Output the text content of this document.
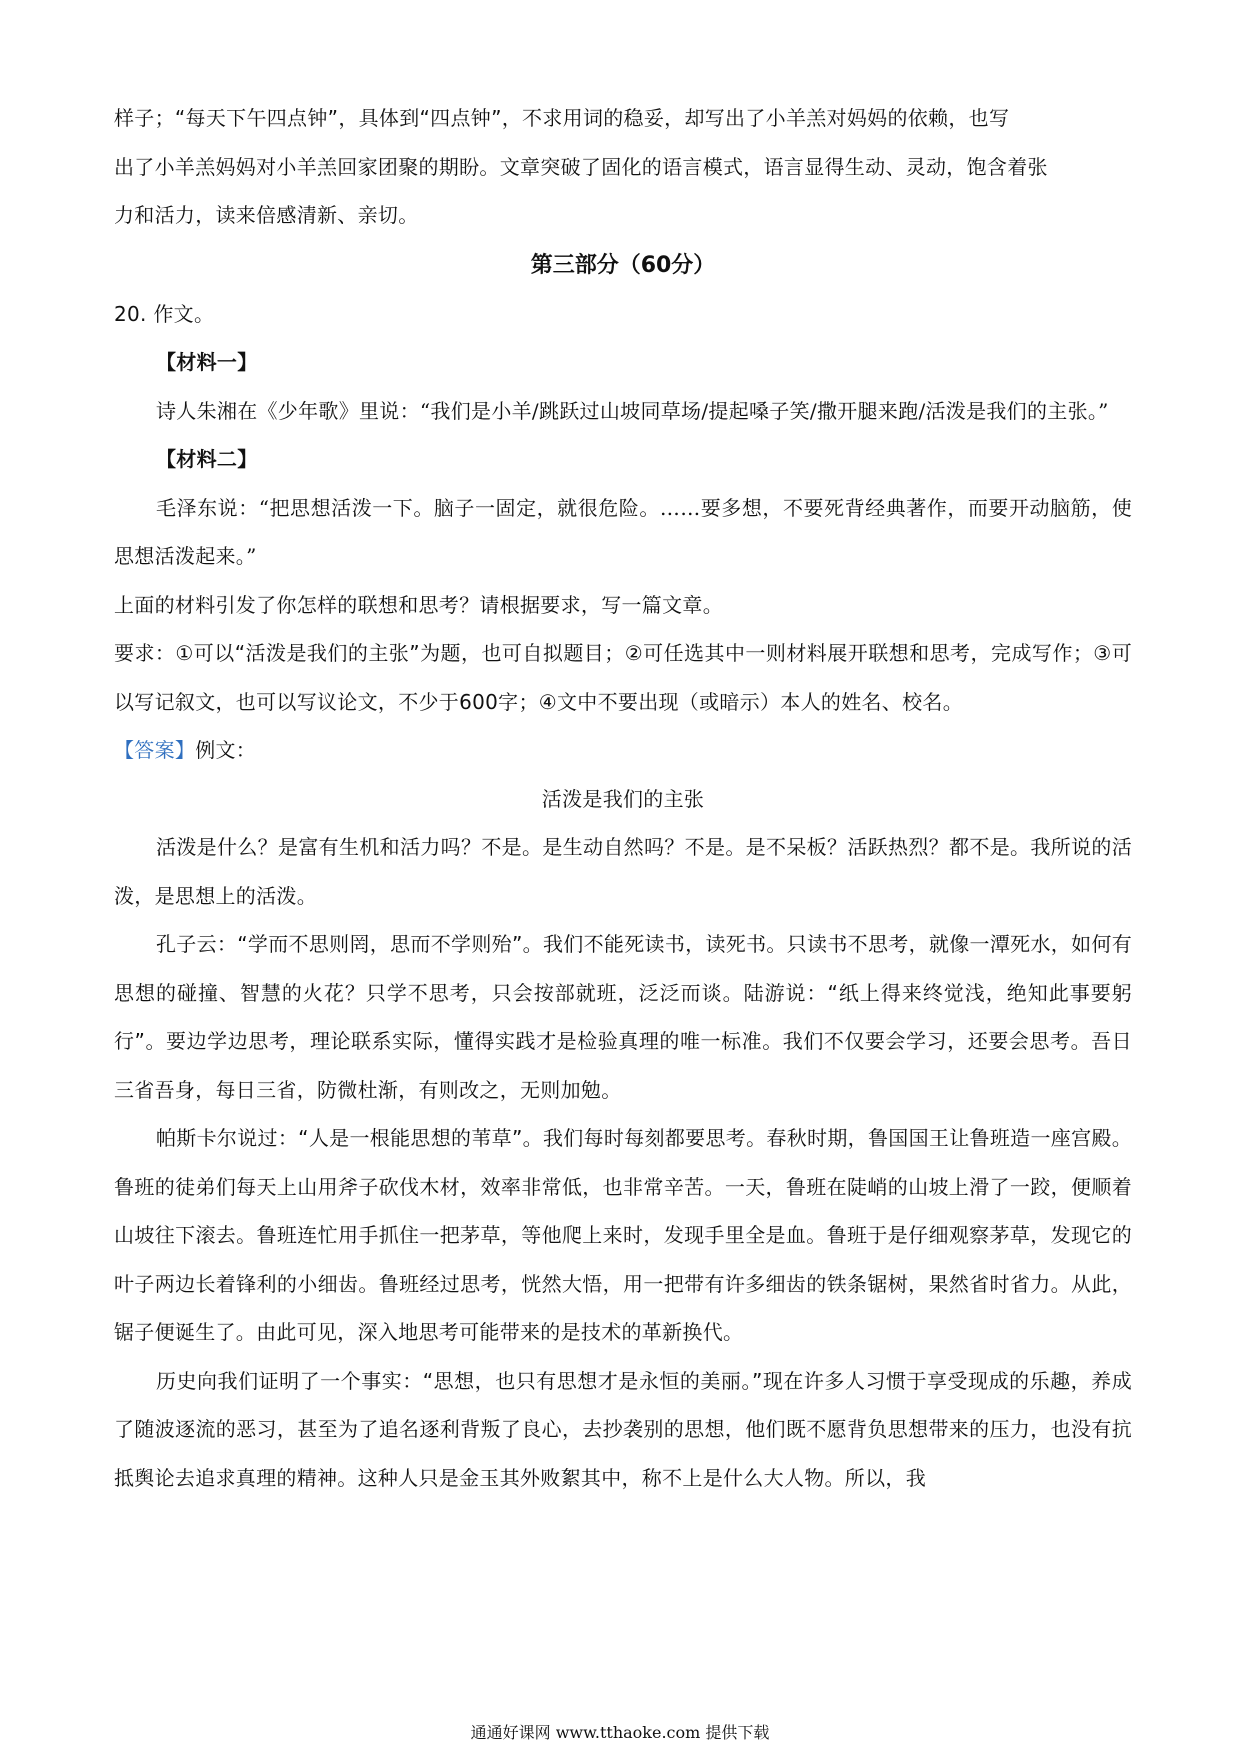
样子；“每天下午四点钟”，具体到“四点钟”，不求用词的稳妥，却写出了小羊羔对妈妈的依赖，也写
出了小羊羔妈妈对小羊羔回家团聚的期盼。文章突破了固化的语言模式，语言显得生动、灵动，饱含着张
力和活力，读来倍感清新、亲切。

第三部分（60分）

20. 作文。

【材料一】

诗人朱湘在《少年歌》里说：“我们是小羊/跳跃过山坡同草场/提起嗓子笑/撒开腿来跑/活泼是我们的主张。”

【材料二】

毛泽东说：“把思想活泼一下。脑子一固定，就很危险。……要多想，不要死背经典著作，而要开动脑筋，使思想活泼起来。”

上面的材料引发了你怎样的联想和思考？请根据要求，写一篇文章。

要求：①可以“活泼是我们的主张”为题，也可自拟题目；②可任选其中一则材料展开联想和思考，完成写作；③可以写记叙文，也可以写议论文，不少于600字；④文中不要出现（或暗示）本人的姓名、校名。

【答案】例文：

活泼是我们的主张

活泼是什么？是富有生机和活力吗？不是。是生动自然吗？不是。是不呆板？活跃热烈？都不是。我所说的活泼，是思想上的活泼。

孔子云：“学而不思则罔，思而不学则殆”。我们不能死读书，读死书。只读书不思考，就像一潭死水，如何有思想的碰撞、智慧的火花？只学不思考，只会按部就班，泛泛而谈。陆游说：“纸上得来终觉浅，绝知此事要躬行”。要边学边思考，理论联系实际，懂得实践才是检验真理的唯一标准。我们不仅要会学习，还要会思考。吾日三省吾身，每日三省，防微杜渐，有则改之，无则加勉。

帕斯卡尔说过：“人是一根能思想的苇草”。我们每时每刻都要思考。春秋时期，鲁国国王让鲁班造一座宫殿。鲁班的徒弟们每天上山用斧子砍伐木材，效率非常低，也非常辛苦。一天，鲁班在陡峭的山坡上滑了一跤，便顺着山坡往下滚去。鲁班连忙用手抓住一把茅草，等他爬上来时，发现手里全是血。鲁班于是仔细观察茅草，发现它的叶子两边长着锋利的小细齿。鲁班经过思考，恍然大悟，用一把带有许多细齿的铁条锯树，果然省时省力。从此，锯子便诞生了。由此可见，深入地思考可能带来的是技术的革新换代。

历史向我们证明了一个事实：“思想，也只有思想才是永恒的美丽。”现在许多人习惯于享受现成的乐趣，养成了随波逐流的恶习，甚至为了追名逐利背叛了良心，去抄袭别的思想，他们既不愿背负思想带来的压力，也没有抗抵舆论去追求真理的精神。这种人只是金玉其外败絮其中，称不上是什么大人物。所以，我

通通好课网 www.tthaoke.com 提供下载
